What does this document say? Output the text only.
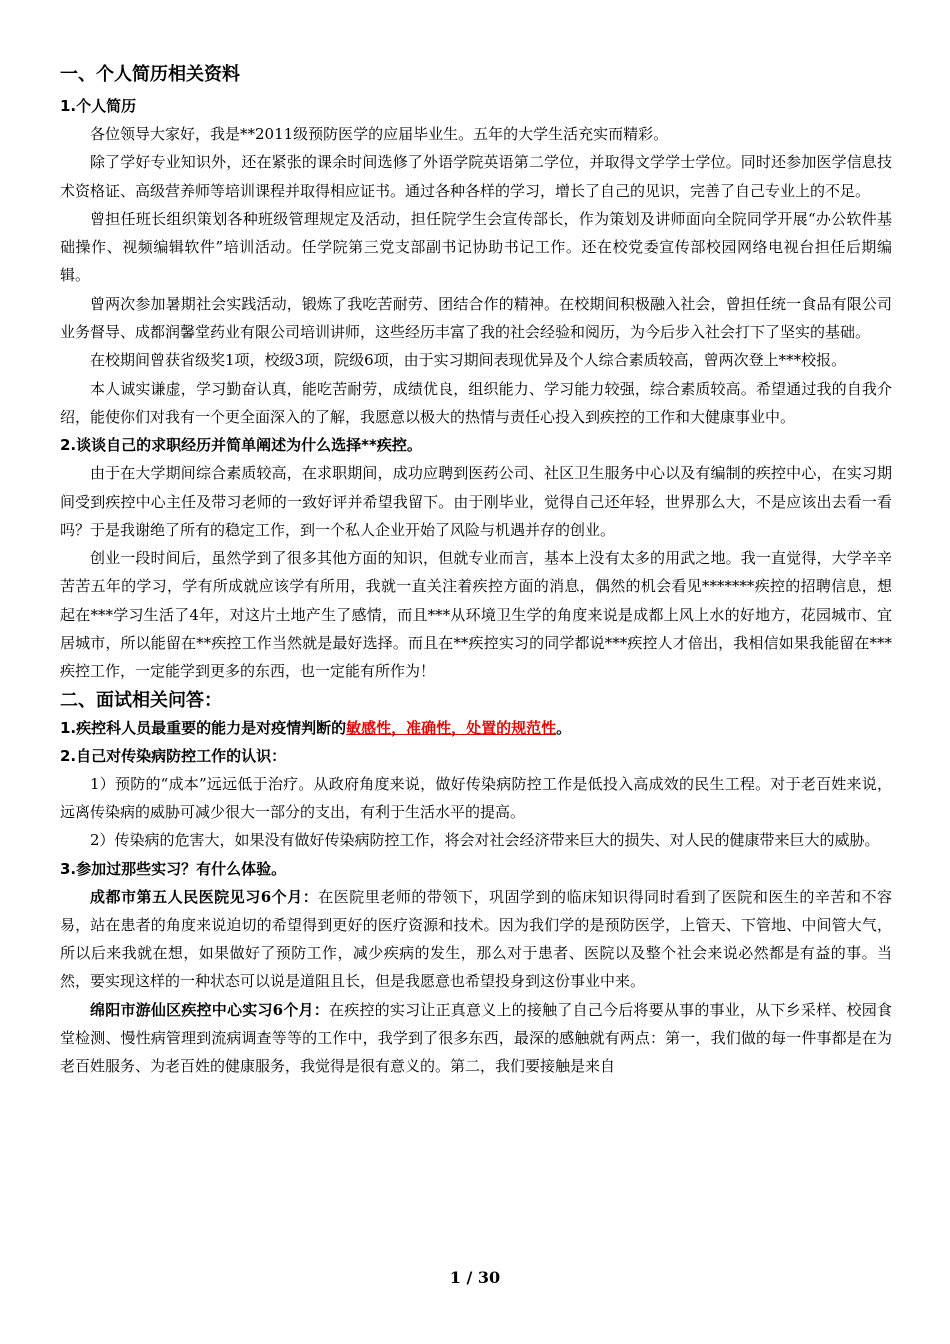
一、个人简历相关资料
1.个人简历

各位领导大家好，我是**2011级预防医学的应届毕业生。五年的大学生活充实而精彩。

除了学好专业知识外，还在紧张的课余时间选修了外语学院英语第二学位，并取得文学学士学位。同时还参加医学信息技术资格证、高级营养师等培训课程并取得相应证书。通过各种各样的学习，增长了自己的见识，完善了自己专业上的不足。

曾担任班长组织策划各种班级管理规定及活动，担任院学生会宣传部长，作为策划及讲师面向全院同学开展“办公软件基础操作、视频编辑软件”培训活动。任学院第三党支部副书记协助书记工作。还在校党委宣传部校园网络电视台担任后期编辑。

曾两次参加暑期社会实践活动，锻炼了我吃苦耐劳、团结合作的精神。在校期间积极融入社会，曾担任统一食品有限公司业务督导、成都润馨堂药业有限公司培训讲师，这些经历丰富了我的社会经验和阅历，为今后步入社会打下了坚实的基础。

在校期间曾获省级奖1项，校级3项，院级6项，由于实习期间表现优异及个人综合素质较高，曾两次登上***校报。

本人诚实谦虚，学习勤奋认真，能吃苦耐劳，成绩优良，组织能力、学习能力较强，综合素质较高。希望通过我的自我介绍，能使你们对我有一个更全面深入的了解，我愿意以极大的热情与责任心投入到疾控的工作和大健康事业中。

2.谈谈自己的求职经历并简单阐述为什么选择**疾控。

由于在大学期间综合素质较高，在求职期间，成功应聘到医药公司、社区卫生服务中心以及有编制的疾控中心，在实习期间受到疾控中心主任及带习老师的一致好评并希望我留下。由于刚毕业，觉得自己还年轻，世界那么大，不是应该出去看一看吗？于是我谢绝了所有的稳定工作，到一个私人企业开始了风险与机遇并存的创业。

创业一段时间后，虽然学到了很多其他方面的知识，但就专业而言，基本上没有太多的用武之地。我一直觉得，大学辛辛苦苦五年的学习，学有所成就应该学有所用，我就一直关注着疾控方面的消息，偶然的机会看见*******疾控的招聘信息，想起在***学习生活了4年，对这片土地产生了感情，而且***从环境卫生学的角度来说是成都上风上水的好地方，花园城市、宜居城市，所以能留在**疾控工作当然就是最好选择。而且在**疾控实习的同学都说***疾控人才倍出，我相信如果我能留在***疾控工作，一定能学到更多的东西，也一定能有所作为！

二、面试相关问答：
1.疾控科人员最重要的能力是对疫情判断的敏感性，准确性，处置的规范性。
2.自己对传染病防控工作的认识：

1）预防的“成本”远远低于治疗。从政府角度来说，做好传染病防控工作是低投入高成效的民生工程。对于老百姓来说，远离传染病的威胁可减少很大一部分的支出，有利于生活水平的提高。

2）传染病的危害大，如果没有做好传染病防控工作，将会对社会经济带来巨大的损失、对人民的健康带来巨大的威胁。

3.参加过那些实习？有什么体验。

成都市第五人民医院见习6个月：在医院里老师的带领下，巩固学到的临床知识得同时看到了医院和医生的辛苦和不容易，站在患者的角度来说迫切的希望得到更好的医疗资源和技术。因为我们学的是预防医学，上管天、下管地、中间管大气，所以后来我就在想，如果做好了预防工作，减少疾病的发生，那么对于患者、医院以及整个社会来说必然都是有益的事。当然，要实现这样的一种状态可以说是道阻且长，但是我愿意也希望投身到这份事业中来。

绵阳市游仙区疾控中心实习6个月：在疾控的实习让正真意义上的接触了自己今后将要从事的事业，从下乡采样、校园食堂检测、慢性病管理到流病调查等等的工作中，我学到了很多东西，最深的感触就有两点：第一，我们做的每一件事都是在为老百姓服务、为老百姓的健康服务，我觉得是很有意义的。第二，我们要接触是来自

1 / 30
